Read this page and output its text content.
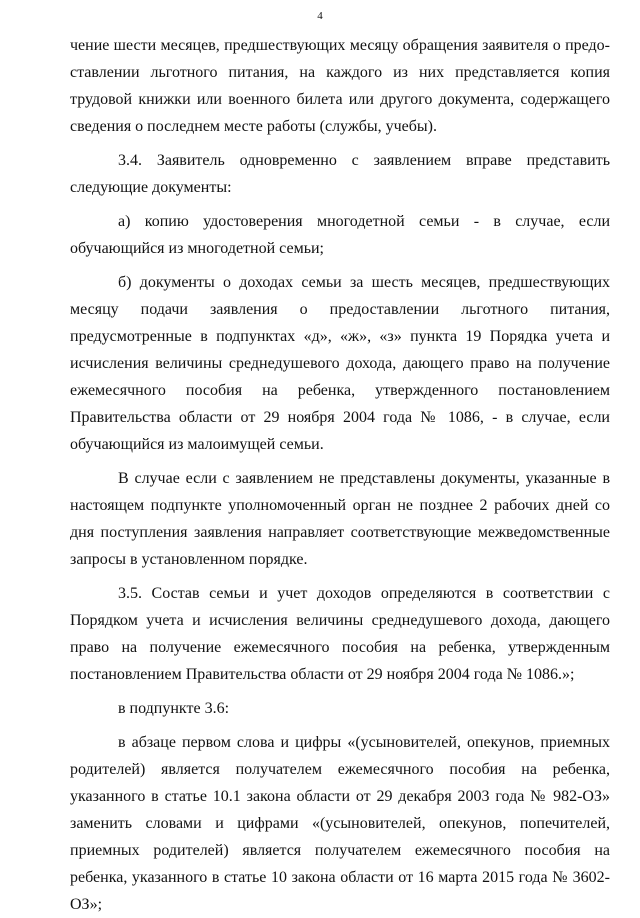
4

чение шести месяцев, предшествующих месяцу обращения заявителя о предоставлении льготного питания, на каждого из них представляется копия трудовой книжки или военного билета или другого документа, содержащего сведения о последнем месте работы (службы, учебы).

3.4. Заявитель одновременно с заявлением вправе представить следующие документы:

а) копию удостоверения многодетной семьи - в случае, если обучающийся из многодетной семьи;

б) документы о доходах семьи за шесть месяцев, предшествующих месяцу подачи заявления о предоставлении льготного питания, предусмотренные в подпунктах «д», «ж», «з» пункта 19 Порядка учета и исчисления величины среднедушевого дохода, дающего право на получение ежемесячного пособия на ребенка, утвержденного постановлением Правительства области от 29 ноября 2004 года № 1086, - в случае, если обучающийся из малоимущей семьи.

В случае если с заявлением не представлены документы, указанные в настоящем подпункте уполномоченный орган не позднее 2 рабочих дней со дня поступления заявления направляет соответствующие межведомственные запросы в установленном порядке.

3.5. Состав семьи и учет доходов определяются в соответствии с Порядком учета и исчисления величины среднедушевого дохода, дающего право на получение ежемесячного пособия на ребенка, утвержденным постановлением Правительства области от 29 ноября 2004 года № 1086.»;

в подпункте 3.6:

в абзаце первом слова и цифры «(усыновителей, опекунов, приемных родителей) является получателем ежемесячного пособия на ребенка, указанного в статье 10.1 закона области от 29 декабря 2003 года № 982-ОЗ» заменить словами и цифрами «(усыновителей, опекунов, попечителей, приемных родителей) является получателем ежемесячного пособия на ребенка, указанного в статье 10 закона области от 16 марта 2015 года № 3602-ОЗ»;
